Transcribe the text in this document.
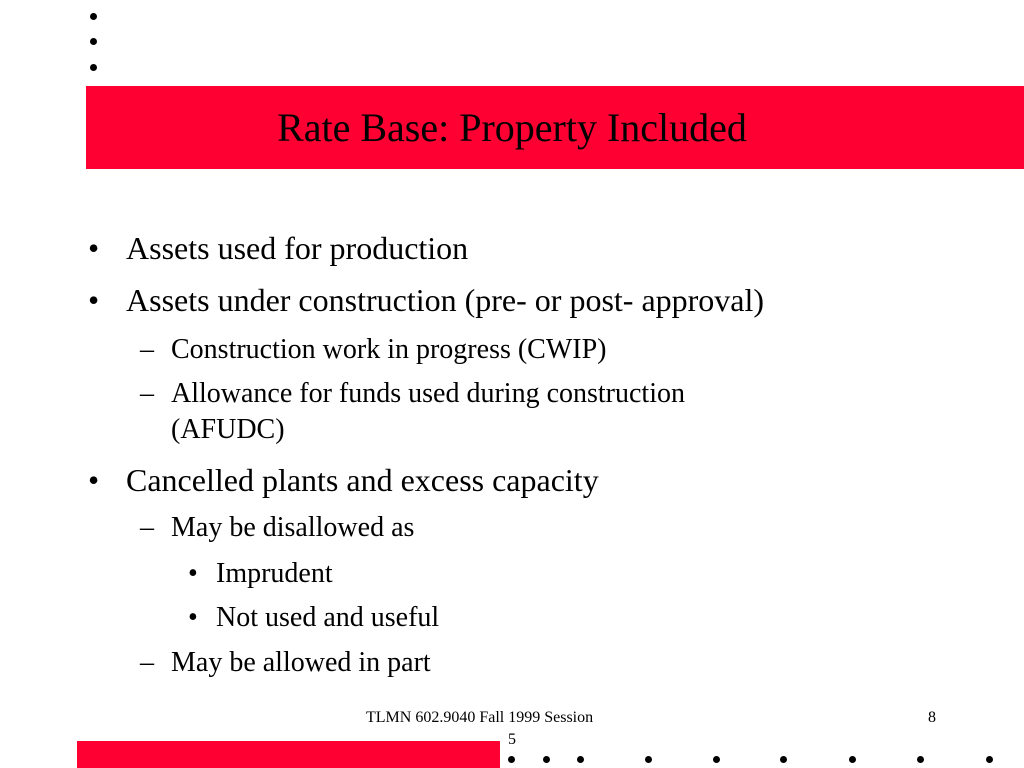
Rate Base: Property Included
• Assets used for production
• Assets under construction (pre- or post- approval)
– Construction work in progress (CWIP)
– Allowance for funds used during construction
(AFUDC)
• Cancelled plants and excess capacity
– May be disallowed as
• Imprudent
• Not used and useful
– May be allowed in part
TLMN 602.9040 Fall 1999 Session
5
8
